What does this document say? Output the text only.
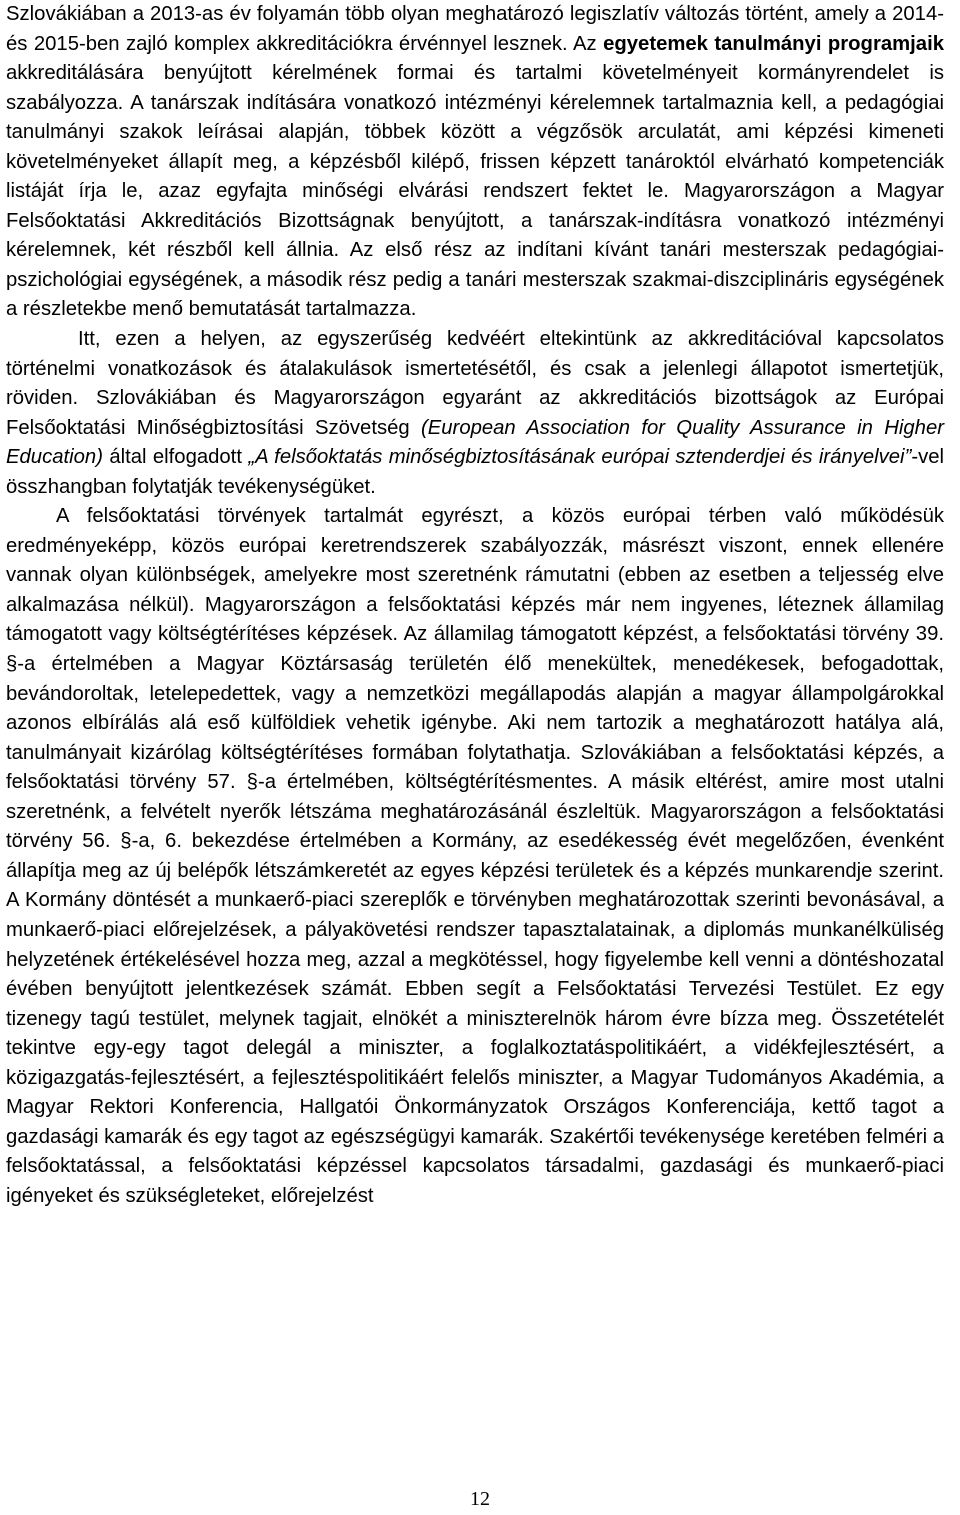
Szlovákiában a 2013-as év folyamán több olyan meghatározó legiszlatív változás történt, amely a 2014- és 2015-ben zajló komplex akkreditációkra érvénnyel lesznek. Az egyetemek tanulmányi programjaik akkreditálására benyújtott kérelmének formai és tartalmi követelményeit kormányrendelet is szabályozza. A tanárszak indítására vonatkozó intézményi kérelemnek tartalmaznia kell, a pedagógiai tanulmányi szakok leírásai alapján, többek között a végzősök arculatát, ami képzési kimeneti követelményeket állapít meg, a képzésből kilépő, frissen képzett tanároktól elvárható kompetenciák listáját írja le, azaz egyfajta minőségi elvárási rendszert fektet le. Magyarországon a Magyar Felsőoktatási Akkreditációs Bizottságnak benyújtott, a tanárszak-indításra vonatkozó intézményi kérelemnek, két részből kell állnia. Az első rész az indítani kívánt tanári mesterszak pedagógiai-pszichológiai egységének, a második rész pedig a tanári mesterszak szakmai-diszciplináris egységének a részletekbe menő bemutatását tartalmazza.

Itt, ezen a helyen, az egyszerűség kedvéért eltekintünk az akkreditációval kapcsolatos történelmi vonatkozások és átalakulások ismertetésétől, és csak a jelenlegi állapotot ismertetjük, röviden. Szlovákiában és Magyarországon egyaránt az akkreditációs bizottságok az Európai Felsőoktatási Minőségbiztosítási Szövetség (European Association for Quality Assurance in Higher Education) által elfogadott „A felsőoktatás minőségbiztosításának európai sztenderdjei és irányelvei”-vel összhangban folytatják tevékenységüket.

A felsőoktatási törvények tartalmát egyrészt, a közös európai térben való működésük eredményeképp, közös európai keretrendszerek szabályozzák, másrészt viszont, ennek ellenére vannak olyan különbségek, amelyekre most szeretnénk rámutatni (ebben az esetben a teljesség elve alkalmazása nélkül). Magyarországon a felsőoktatási képzés már nem ingyenes, léteznek államilag támogatott vagy költségtérítéses képzések. Az államilag támogatott képzést, a felsőoktatási törvény 39. §-a értelmében a Magyar Köztársaság területén élő menekültek, menedékesek, befogadottak, bevándoroltak, letelepedettek, vagy a nemzetközi megállapodás alapján a magyar állampolgárokkal azonos elbírálás alá eső külföldiek vehetik igénybe. Aki nem tartozik a meghatározott hatálya alá, tanulmányait kizárólag költségtérítéses formában folytathatja. Szlovákiában a felsőoktatási képzés, a felsőoktatási törvény 57. §-a értelmében, költségtérítésmentes. A másik eltérést, amire most utalni szeretnénk, a felvételt nyerők létszáma meghatározásánál észleltük. Magyarországon a felsőoktatási törvény 56. §-a, 6. bekezdése értelmében a Kormány, az esedékesség évét megelőzően, évenként állapítja meg az új belépők létszámkeretét az egyes képzési területek és a képzés munkarendje szerint. A Kormány döntését a munkaerő-piaci szereplők e törvényben meghatározottak szerinti bevonásával, a munkaerő-piaci előrejelzések, a pályakövetési rendszer tapasztalatainak, a diplomás munkanélküliség helyzetének értékelésével hozza meg, azzal a megkötéssel, hogy figyelembe kell venni a döntéshozatal évében benyújtott jelentkezések számát. Ebben segít a Felsőoktatási Tervezési Testület. Ez egy tizenegy tagú testület, melynek tagjait, elnökét a miniszterelnök három évre bízza meg. Összetételét tekintve egy-egy tagot delegál a miniszter, a foglalkoztatáspolitikáért, a vidékfejlesztésért, a közigazgatás-fejlesztésért, a fejlesztéspolitikáért felelős miniszter, a Magyar Tudományos Akadémia, a Magyar Rektori Konferencia, Hallgatói Önkormányzatok Országos Konferenciája, kettő tagot a gazdasági kamarák és egy tagot az egészségügyi kamarák. Szakértői tevékenysége keretében felméri a felsőoktatással, a felsőoktatási képzéssel kapcsolatos társadalmi, gazdasági és munkaerő-piaci igényeket és szükségleteket, előrejelzést

12
